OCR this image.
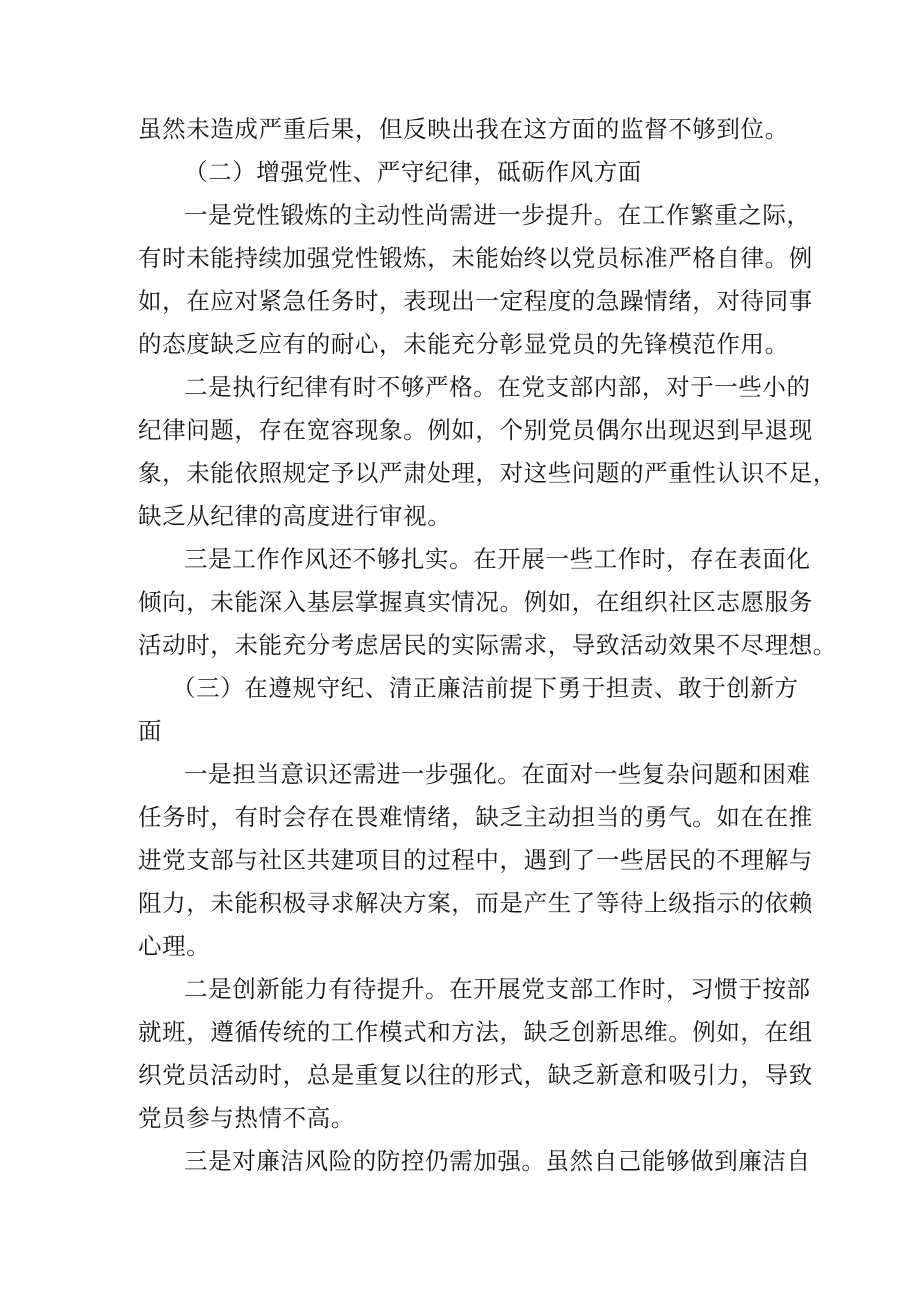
虽然未造成严重后果，但反映出我在这方面的监督不够到位。
（二）增强党性、严守纪律，砥砺作风方面
一是党性锻炼的主动性尚需进一步提升。在工作繁重之际，
有时未能持续加强党性锻炼，未能始终以党员标准严格自律。例
如，在应对紧急任务时，表现出一定程度的急躁情绪，对待同事
的态度缺乏应有的耐心，未能充分彰显党员的先锋模范作用。
二是执行纪律有时不够严格。在党支部内部，对于一些小的
纪律问题，存在宽容现象。例如，个别党员偶尔出现迟到早退现
象，未能依照规定予以严肃处理，对这些问题的严重性认识不足，
缺乏从纪律的高度进行审视。
三是工作作风还不够扎实。在开展一些工作时，存在表面化
倾向，未能深入基层掌握真实情况。例如，在组织社区志愿服务
活动时，未能充分考虑居民的实际需求，导致活动效果不尽理想。
（三）在遵规守纪、清正廉洁前提下勇于担责、敢于创新方
面
一是担当意识还需进一步强化。在面对一些复杂问题和困难
任务时，有时会存在畏难情绪，缺乏主动担当的勇气。如在在推
进党支部与社区共建项目的过程中，遇到了一些居民的不理解与
阻力，未能积极寻求解决方案，而是产生了等待上级指示的依赖
心理。
二是创新能力有待提升。在开展党支部工作时，习惯于按部
就班，遵循传统的工作模式和方法，缺乏创新思维。例如，在组
织党员活动时，总是重复以往的形式，缺乏新意和吸引力，导致
党员参与热情不高。
三是对廉洁风险的防控仍需加强。虽然自己能够做到廉洁自
